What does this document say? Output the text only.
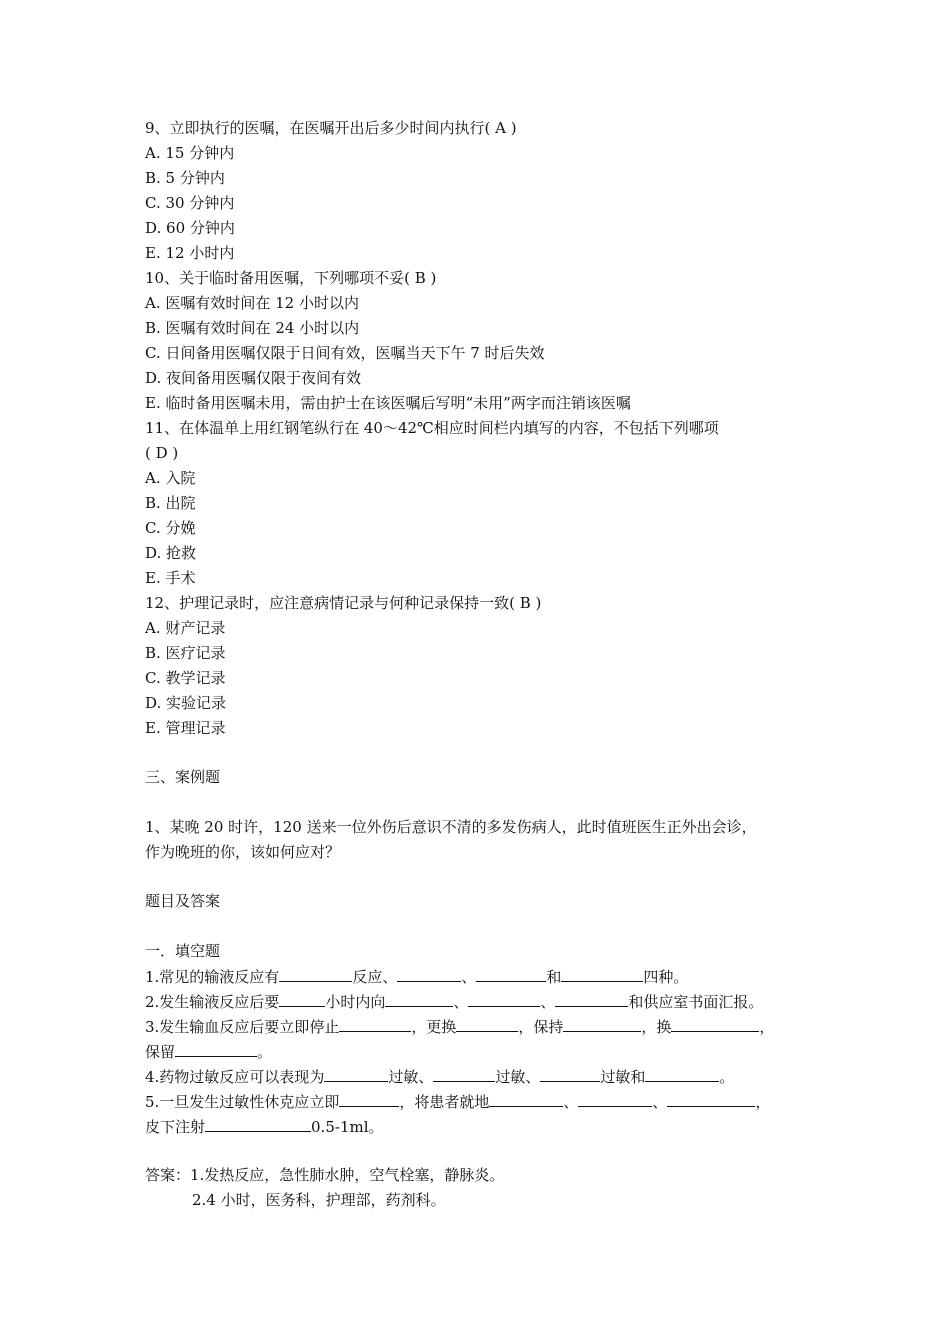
9、立即执行的医嘱，在医嘱开出后多少时间内执行( A )
A. 15 分钟内
B. 5 分钟内
C. 30 分钟内
D. 60 分钟内
E. 12 小时内
10、关于临时备用医嘱，下列哪项不妥( B )
A. 医嘱有效时间在 12 小时以内
B. 医嘱有效时间在 24 小时以内
C. 日间备用医嘱仅限于日间有效，医嘱当天下午 7 时后失效
D. 夜间备用医嘱仅限于夜间有效
E. 临时备用医嘱未用，需由护士在该医嘱后写明“未用”两字而注销该医嘱
11、在体温单上用红钢笔纵行在 40～42℃相应时间栏内填写的内容，不包括下列哪项
( D )
A. 入院
B. 出院
C. 分娩
D. 抢救
E. 手术
12、护理记录时，应注意病情记录与何种记录保持一致( B )
A. 财产记录
B. 医疗记录
C. 教学记录
D. 实验记录
E. 管理记录
三、案例题
1、某晚 20 时许，120 送来一位外伤后意识不清的多发伤病人，此时值班医生正外出会诊，
作为晚班的你，该如何应对？
题目及答案
一．填空题
1.常见的输液反应有	反应、	、	和	四种。
2.发生输液反应后要	小时内向	、	、	和供应室书面汇报。
3.发生输血反应后要立即停止	，更换	，保持	，换	，
保留	。
4.药物过敏反应可以表现为	过敏、	过敏、	过敏和	。
5.一旦发生过敏性休克应立即	，将患者就地	、	、	，
皮下注射	0.5-1ml。
答案：1.发热反应，急性肺水肿，空气栓塞，静脉炎。
2.4 小时，医务科，护理部，药剂科。
